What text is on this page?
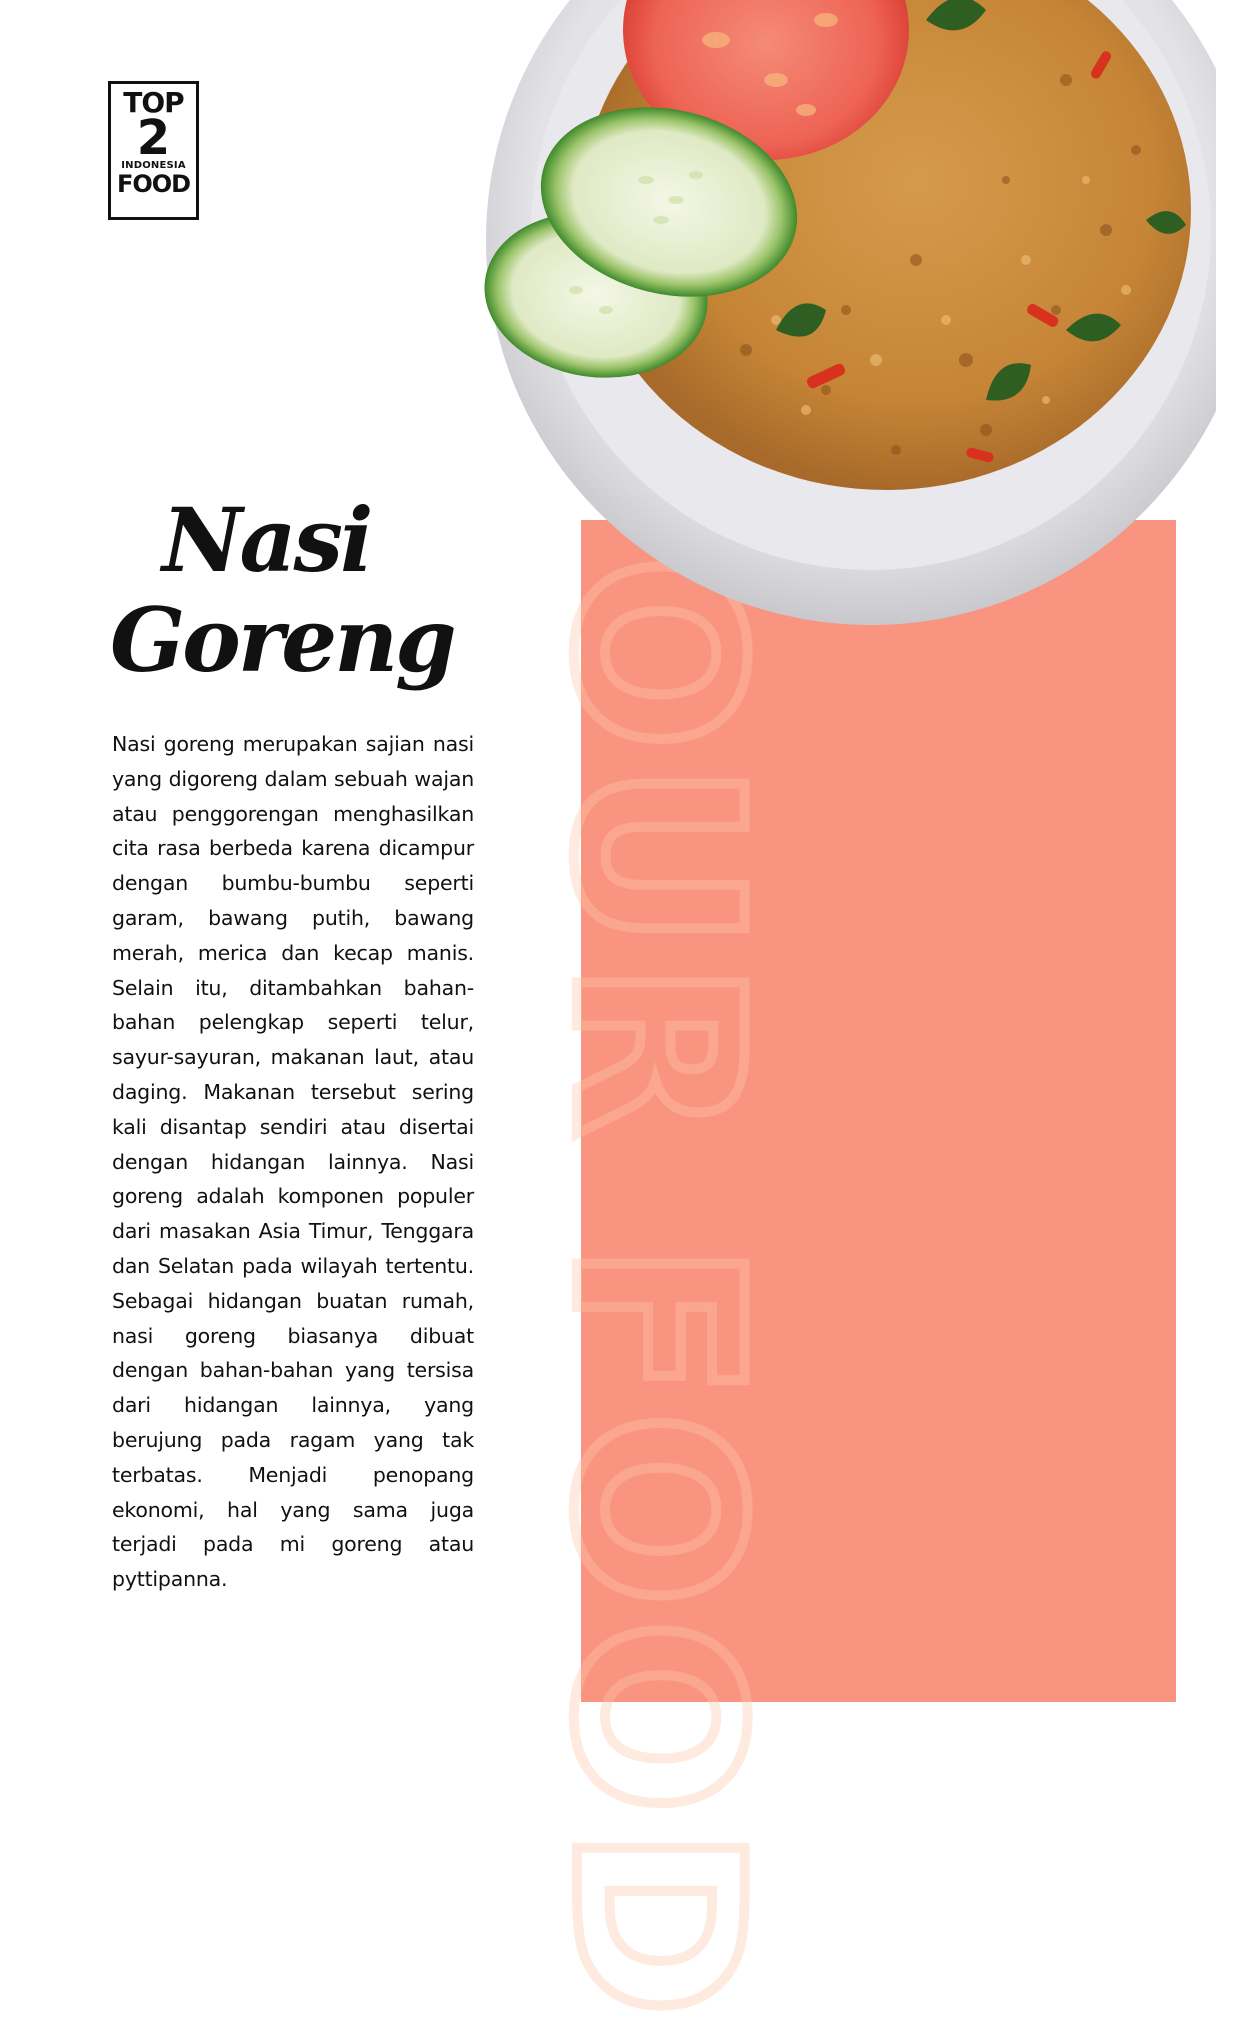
OUR FOOD
TOP
2
INDONESIA
FOOD
Nasi
Goreng

Nasi goreng merupakan sajian nasi yang digoreng dalam sebuah wajan atau penggorengan menghasilkan cita rasa berbeda karena dicampur dengan bumbu-bumbu seperti garam, bawang putih, bawang merah, merica dan kecap manis. Selain itu, ditambahkan bahan-bahan pelengkap seperti telur, sayur-sayuran, makanan laut, atau daging. Makanan tersebut sering kali disantap sendiri atau disertai dengan hidangan lainnya. Nasi goreng adalah komponen populer dari masakan Asia Timur, Tenggara dan Selatan pada wilayah tertentu. Sebagai hidangan buatan rumah, nasi goreng biasanya dibuat dengan bahan-bahan yang tersisa dari hidangan lainnya, yang berujung pada ragam yang tak terbatas. Menjadi penopang ekonomi, hal yang sama juga terjadi pada mi goreng atau pyttipanna.
